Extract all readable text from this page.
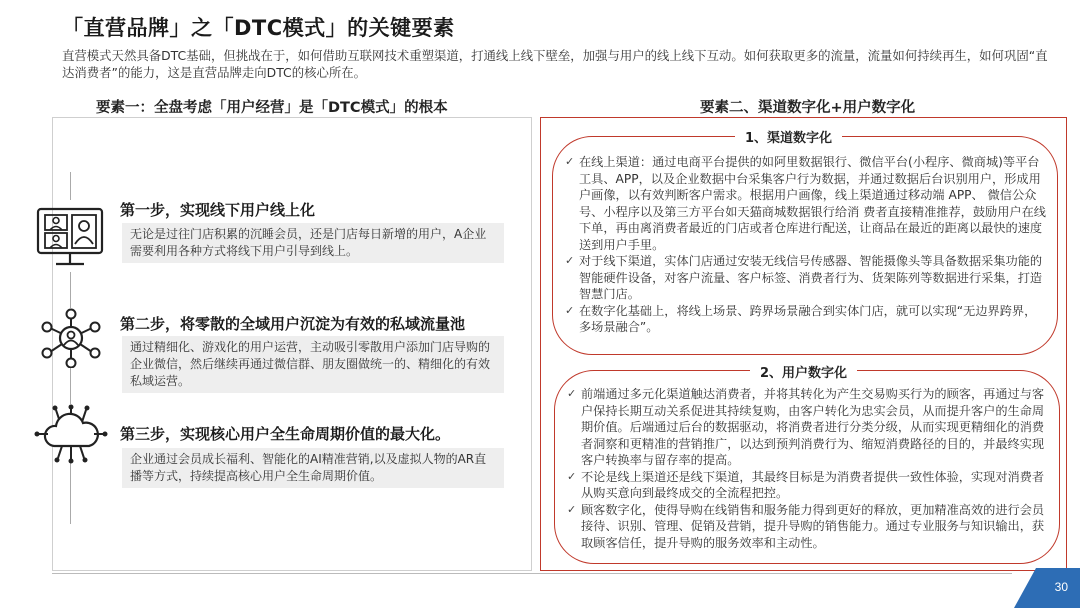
「直营品牌」之「DTC模式」的关键要素
直营模式天然具备DTC基础，但挑战在于，如何借助互联网技术重塑渠道，打通线上线下壁垒，加强与用户的线上线下互动。如何获取更多的流量，流量如何持续再生，如何巩固“直达消费者”的能力，这是直营品牌走向DTC的核心所在。
要素一：全盘考虑「用户经营」是「DTC模式」的根本	要素二、渠道数字化+用户数字化
第一步，实现线下用户线上化
无论是过往门店积累的沉睡会员，还是门店每日新增的用户，A企业需要利用各种方式将线下用户引导到线上。
第二步，将零散的全域用户沉淀为有效的私域流量池
通过精细化、游戏化的用户运营，主动吸引零散用户添加门店导购的企业微信，然后继续再通过微信群、朋友圈做统一的、精细化的有效私域运营。
第三步，实现核心用户全生命周期价值的最大化。
企业通过会员成长福利、智能化的AI精准营销,以及虚拟人物的AR直播等方式，持续提高核心用户全生命周期价值。
1、渠道数字化
✓ 在线上渠道：通过电商平台提供的如阿里数据银行、微信平台(小程序、微商城)等平台工具、APP，以及企业数据中台采集客户行为数据，并通过数据后台识别用户，形成用户画像，以有效判断客户需求。根据用户画像，线上渠道通过移动端 APP、 微信公众号、小程序以及第三方平台如天猫商城数据银行给消 费者直接精准推荐，鼓励用户在线下单，再由离消费者最近的门店或者仓库进行配送，让商品在最近的距离以最快的速度送到用户手里。
✓ 对于线下渠道，实体门店通过安装无线信号传感器、智能摄像头等具备数据采集功能的智能硬件设备，对客户流量、客户标签、消费者行为、货架陈列等数据进行采集，打造智慧门店。
✓ 在数字化基础上，将线上场景、跨界场景融合到实体门店，就可以实现“无边界跨界，多场景融合”。
2、用户数字化
✓ 前端通过多元化渠道触达消费者，并将其转化为产生交易购买行为的顾客，再通过与客户保持长期互动关系促进其持续复购，由客户转化为忠实会员，从而提升客户的生命周期价值。后端通过后台的数据驱动，将消费者进行分类分级，从而实现更精细化的消费者洞察和更精准的营销推广，以达到预判消费行为、缩短消费路径的目的，并最终实现客户转换率与留存率的提高。
✓ 不论是线上渠道还是线下渠道，其最终目标是为消费者提供一致性体验，实现对消费者从购买意向到最终成交的全流程把控。
✓ 顾客数字化，使得导购在线销售和服务能力得到更好的释放，更加精准高效的进行会员接待、识别、管理、促销及营销，提升导购的销售能力。通过专业服务与知识输出，获取顾客信任，提升导购的服务效率和主动性。
30
